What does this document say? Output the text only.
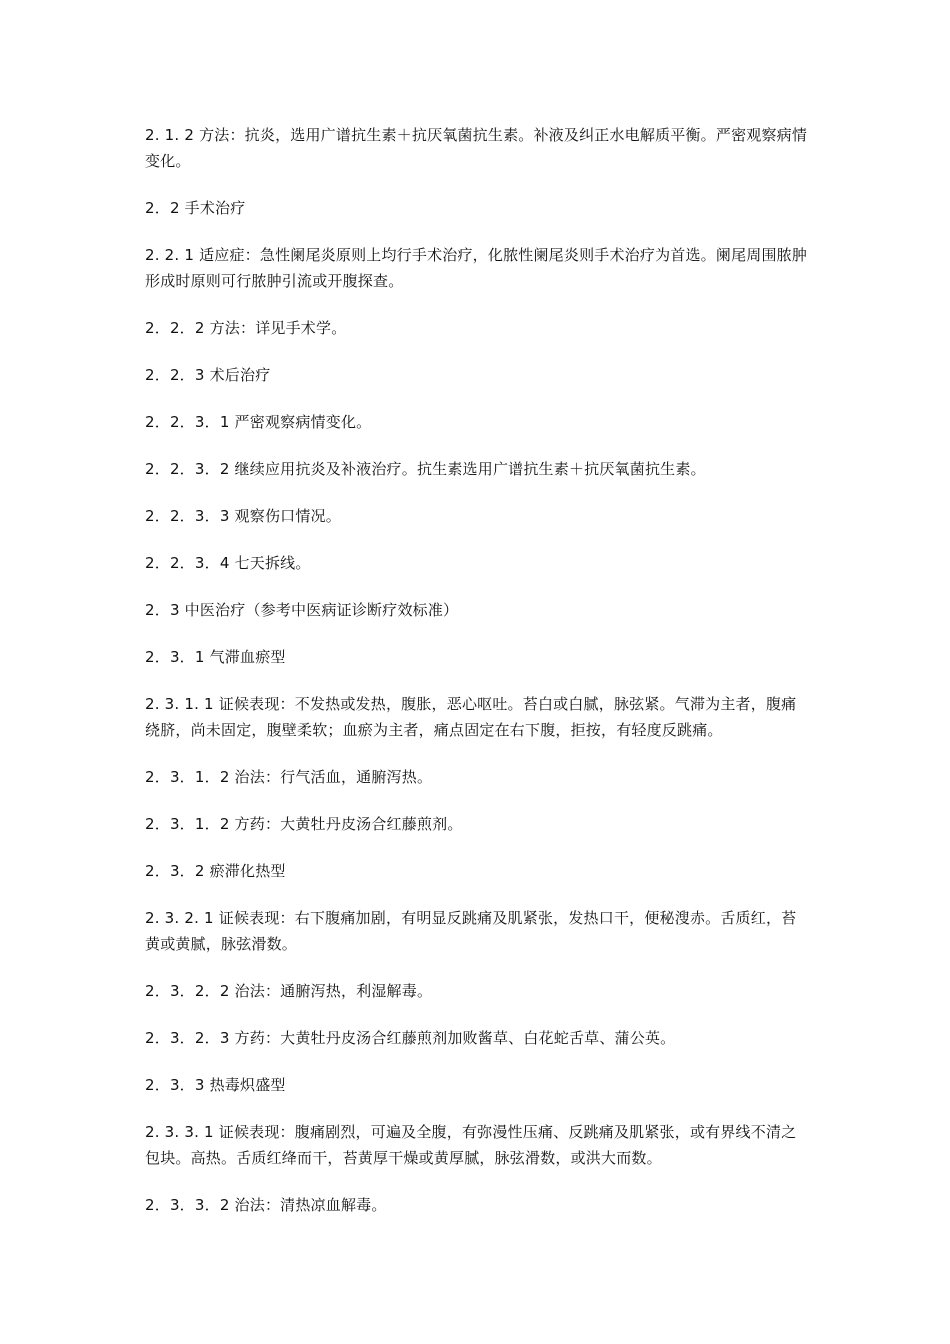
2. 1. 2 方法：抗炎，选用广谱抗生素＋抗厌氧菌抗生素。补液及纠正水电解质平衡。严密观察病情变化。

2．2 手术治疗

2. 2. 1 适应症：急性阑尾炎原则上均行手术治疗，化脓性阑尾炎则手术治疗为首选。阑尾周围脓肿形成时原则可行脓肿引流或开腹探查。

2．2．2 方法：详见手术学。

2．2．3 术后治疗

2．2．3．1 严密观察病情变化。

2．2．3．2 继续应用抗炎及补液治疗。抗生素选用广谱抗生素＋抗厌氧菌抗生素。

2．2．3．3 观察伤口情况。

2．2．3．4 七天拆线。

2．3 中医治疗（参考中医病证诊断疗效标准）

2．3．1 气滞血瘀型

2. 3. 1. 1 证候表现：不发热或发热，腹胀，恶心呕吐。苔白或白腻，脉弦紧。气滞为主者，腹痛绕脐，尚未固定，腹壁柔软；血瘀为主者，痛点固定在右下腹，拒按，有轻度反跳痛。

2．3．1．2 治法：行气活血，通腑泻热。

2．3．1．2 方药：大黄牡丹皮汤合红藤煎剂。

2．3．2 瘀滞化热型

2. 3. 2. 1 证候表现：右下腹痛加剧，有明显反跳痛及肌紧张，发热口干，便秘溲赤。舌质红，苔黄或黄腻，脉弦滑数。

2．3．2．2 治法：通腑泻热，利湿解毒。

2．3．2．3 方药：大黄牡丹皮汤合红藤煎剂加败酱草、白花蛇舌草、蒲公英。

2．3．3 热毒炽盛型

2. 3. 3. 1 证候表现：腹痛剧烈，可遍及全腹，有弥漫性压痛、反跳痛及肌紧张，或有界线不清之包块。高热。舌质红绛而干，苔黄厚干燥或黄厚腻，脉弦滑数，或洪大而数。

2．3．3．2 治法：清热凉血解毒。
